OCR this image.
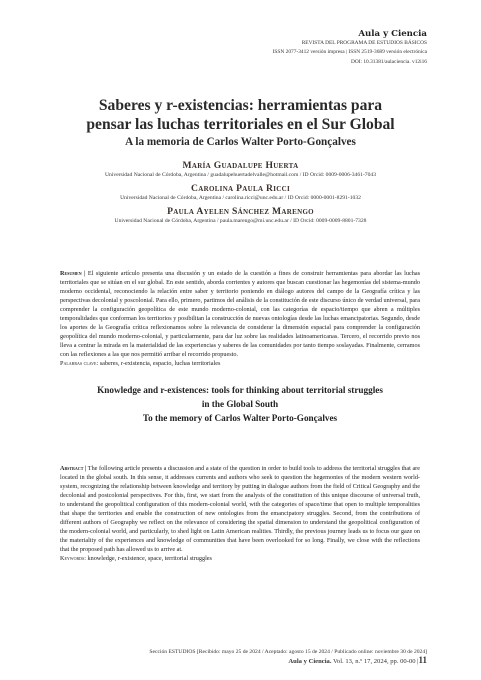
Aula y Ciencia
REVISTA DEL PROGRAMA DE ESTUDIOS BÁSICOS
ISSN 2077-3412 versión impresa | ISSN 2519-3689 versión electrónica
DOI: 10.31381/aulaciencia. v12i16
Saberes y r-existencias: herramientas para
pensar las luchas territoriales en el Sur Global
A la memoria de Carlos Walter Porto-Gonçalves
María Guadalupe Huerta
Universidad Nacional de Córdoba, Argentina / guadalupehuertadelvalle@hotmail.com / ID Orcid: 0009-0006-3461-7043
Carolina Paula Ricci
Universidad Nacional de Córdoba, Argentina / carolina.ricci@unc.edu.ar / ID Orcid: 0000-0001-8291-1032
Paula Ayelen Sánchez Marengo
Universidad Nacional de Córdoba, Argentina / paula.marengo@mi.unc.edu.ar / ID Orcid: 0009-0009-8801-7328
Resumen | El siguiente artículo presenta una discusión y un estado de la cuestión a fines de construir herramientas para abordar las luchas territoriales que se sitúan en el sur global. En este sentido, aborda corrientes y autores que buscan cuestionar las hegemonías del sistema-mundo moderno occidental, reconociendo la relación entre saber y territorio poniendo en diálogo autores del campo de la Geografía crítica y las perspectivas decolonial y poscolonial. Para ello, primero, partimos del análisis de la constitución de este discurso único de verdad universal, para comprender la configuración geopolítica de este mundo moderno-colonial, con las categorías de espacio/tiempo que abren a múltiples temporalidades que conforman los territorios y posibilitan la construcción de nuevas ontologías desde las luchas emancipatorias. Segundo, desde los aportes de la Geografía crítica reflexionamos sobre la relevancia de considerar la dimensión espacial para comprender la configuración geopolítica del mundo moderno-colonial, y particularmente, para dar luz sobre las realidades latinoamericanas. Tercero, el recorrido previo nos lleva a centrar la mirada en la materialidad de las experiencias y saberes de las comunidades por tanto tiempo soslayadas. Finalmente, cerramos con las reflexiones a las que nos permitió arribar el recorrido propuesto.
Palabras clave: saberes, r-existencia, espacio, luchas territoriales
Knowledge and r-existences: tools for thinking about territorial struggles
in the Global South
To the memory of Carlos Walter Porto-Gonçalves
Abstract | The following article presents a discussion and a state of the question in order to build tools to address the territorial struggles that are located in the global south. In this sense, it addresses currents and authors who seek to question the hegemonies of the modern western world-system, recognizing the relationship between knowledge and territory by putting in dialogue authors from the field of Critical Geography and the decolonial and postcolonial perspectives. For this, first, we start from the analysis of the constitution of this unique discourse of universal truth, to understand the geopolitical configuration of this modern-colonial world, with the categories of space/time that open to multiple temporalities that shape the territories and enable the construction of new ontologies from the emancipatory struggles. Second, from the contributions of different authors of Geography we reflect on the relevance of considering the spatial dimension to understand the geopolitical configuration of the modern-colonial world, and particularly, to shed light on Latin American realities. Thirdly, the previous journey leads us to focus our gaze on the materiality of the experiences and knowledge of communities that have been overlooked for so long. Finally, we close with the reflections that the proposed path has allowed us to arrive at.
Keywords: knowledge, r-existence, space, territorial struggles
Sección ESTUDIOS [Recibido: mayo 25 de 2024 / Aceptado: agosto 15 de 2024 / Publicado online: noviembre 30 de 2024]
Aula y Ciencia. Vol. 13, n.º 17, 2024, pp. 00-00 |11
